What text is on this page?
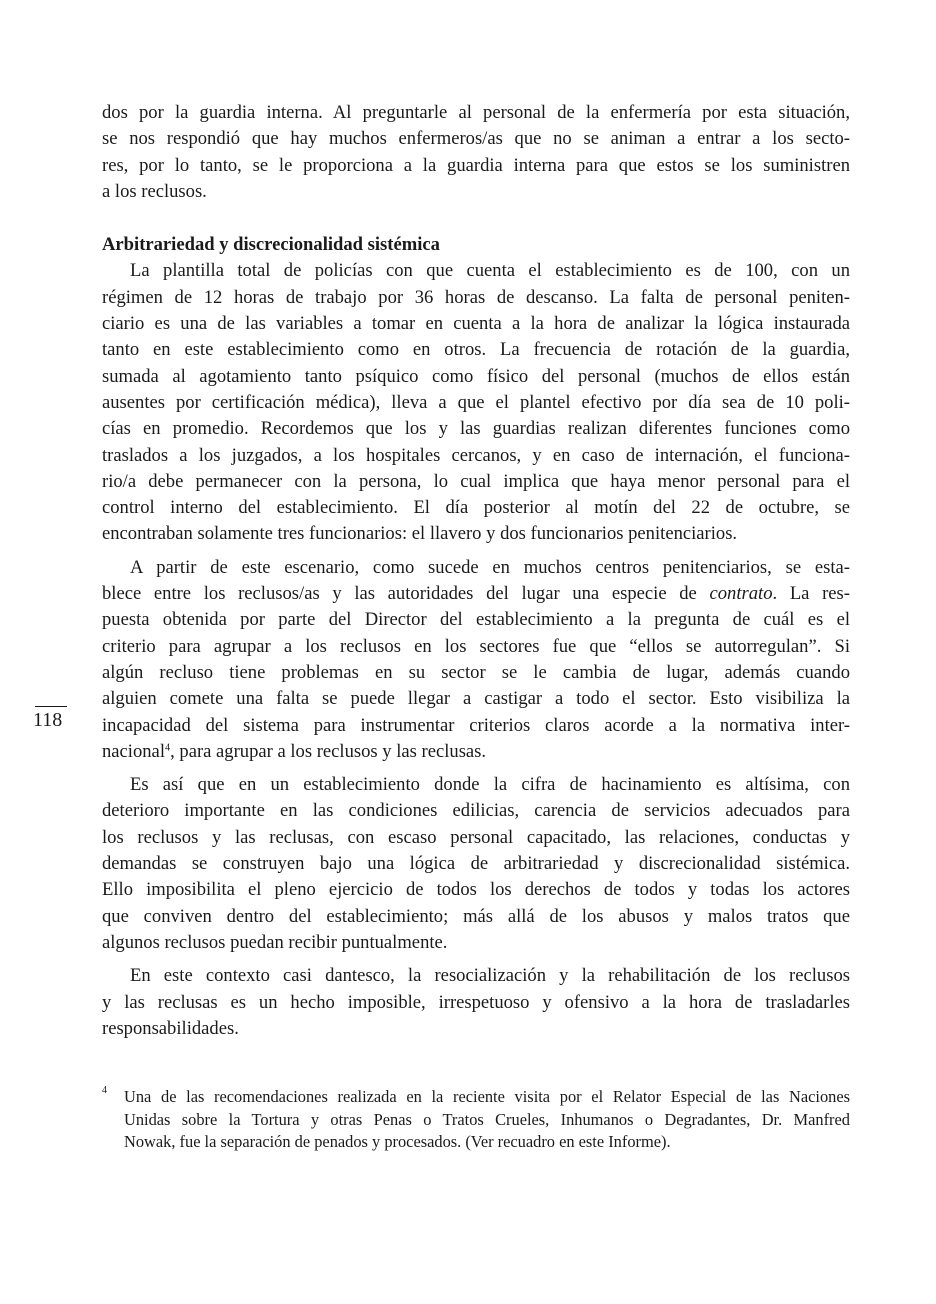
dos por la guardia interna. Al preguntarle al personal de la enfermería por esta situación,
se nos respondió que hay muchos enfermeros/as que no se animan a entrar a los secto-
res, por lo tanto, se le proporciona a la guardia interna para que estos se los suministren
a los reclusos.
Arbitrariedad y discrecionalidad sistémica
La plantilla total de policías con que cuenta el establecimiento es de 100, con un
régimen de 12 horas de trabajo por 36 horas de descanso. La falta de personal peniten-
ciario es una de las variables a tomar en cuenta a la hora de analizar la lógica instaurada
tanto en este establecimiento como en otros. La frecuencia de rotación de la guardia,
sumada al agotamiento tanto psíquico como físico del personal (muchos de ellos están
ausentes por certificación médica), lleva a que el plantel efectivo por día sea de 10 poli-
cías en promedio. Recordemos que los y las guardias realizan diferentes funciones como
traslados a los juzgados, a los hospitales cercanos, y en caso de internación, el funciona-
rio/a debe permanecer con la persona, lo cual implica que haya menor personal para el
control interno del establecimiento. El día posterior al motín del 22 de octubre, se
encontraban solamente tres funcionarios: el llavero y dos funcionarios penitenciarios.
A partir de este escenario, como sucede en muchos centros penitenciarios, se esta-
blece entre los reclusos/as y las autoridades del lugar una especie de contrato. La res-
puesta obtenida por parte del Director del establecimiento a la pregunta de cuál es el
criterio para agrupar a los reclusos en los sectores fue que “ellos se autorregulan”. Si
algún recluso tiene problemas en su sector se le cambia de lugar, además cuando
alguien comete una falta se puede llegar a castigar a todo el sector. Esto visibiliza la
incapacidad del sistema para instrumentar criterios claros acorde a la normativa inter-
nacional$^4$, para agrupar a los reclusos y las reclusas.
Es así que en un establecimiento donde la cifra de hacinamiento es altísima, con
deterioro importante en las condiciones edilicias, carencia de servicios adecuados para
los reclusos y las reclusas, con escaso personal capacitado, las relaciones, conductas y
demandas se construyen bajo una lógica de arbitrariedad y discrecionalidad sistémica.
Ello imposibilita el pleno ejercicio de todos los derechos de todos y todas los actores
que conviven dentro del establecimiento; más allá de los abusos y malos tratos que
algunos reclusos puedan recibir puntualmente.
En este contexto casi dantesco, la resocialización y la rehabilitación de los reclusos
y las reclusas es un hecho imposible, irrespetuoso y ofensivo a la hora de trasladarles
responsabilidades.
118
4 Una de las recomendaciones realizada en la reciente visita por el Relator Especial de las Naciones
Unidas sobre la Tortura y otras Penas o Tratos Crueles, Inhumanos o Degradantes, Dr. Manfred
Nowak, fue la separación de penados y procesados. (Ver recuadro en este Informe).
